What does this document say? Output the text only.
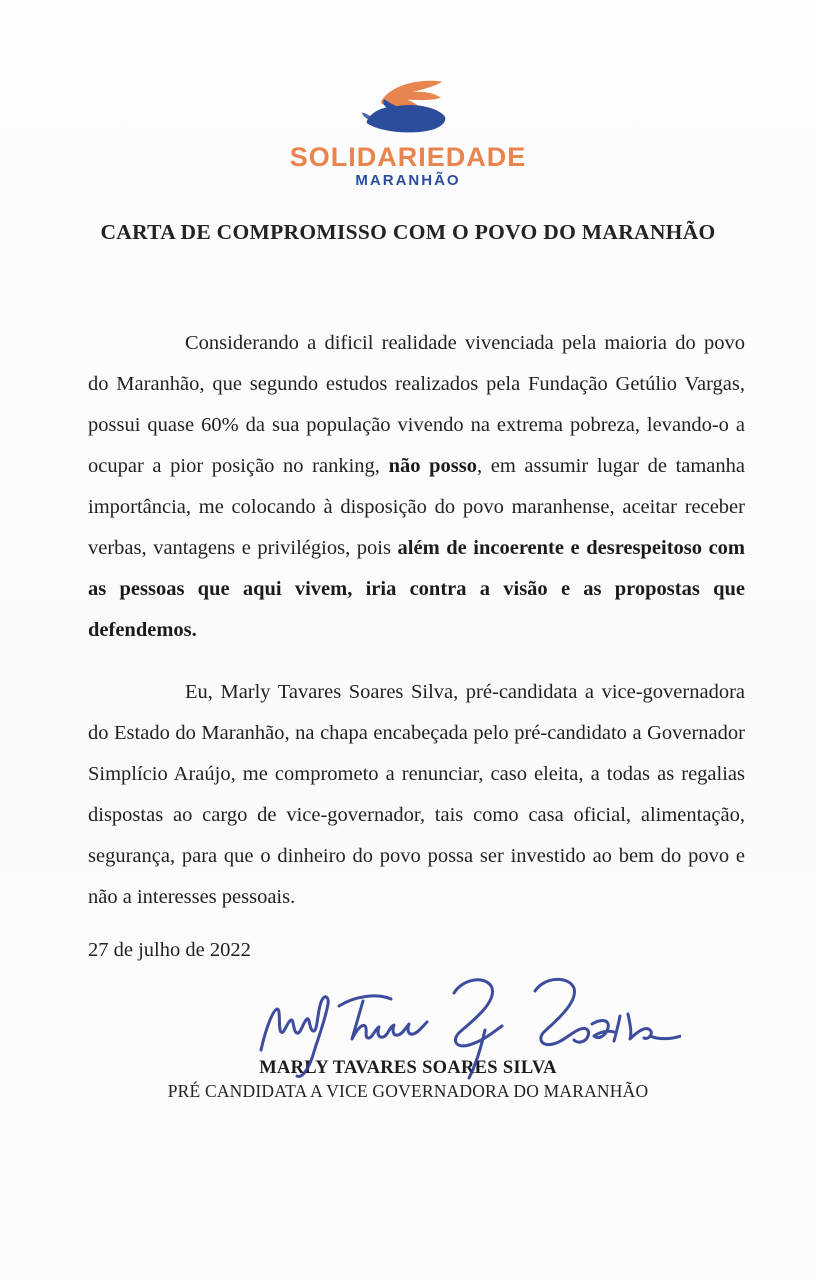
SOLIDARIEDADE
MARANHÃO
CARTA DE COMPROMISSO COM O POVO DO MARANHÃO

Considerando a dificil realidade vivenciada pela maioria do povo do Maranhão, que segundo estudos realizados pela Fundação Getúlio Vargas, possui quase 60% da sua população vivendo na extrema pobreza, levando-o a ocupar a pior posição no ranking, não posso, em assumir lugar de tamanha importância, me colocando à disposição do povo maranhense, aceitar receber verbas, vantagens e privilégios, pois além de incoerente e desrespeitoso com as pessoas que aqui vivem, iria contra a visão e as propostas que defendemos.

Eu, Marly Tavares Soares Silva, pré-candidata a vice-governadora do Estado do Maranhão, na chapa encabeçada pelo pré-candidato a Governador Simplício Araújo, me comprometo a renunciar, caso eleita, a todas as regalias dispostas ao cargo de vice-governador, tais como casa oficial, alimentação, segurança, para que o dinheiro do povo possa ser investido ao bem do povo e não a interesses pessoais.

27 de julho de 2022
MARLY TAVARES SOARES SILVA
PRÉ CANDIDATA A VICE GOVERNADORA DO MARANHÃO
